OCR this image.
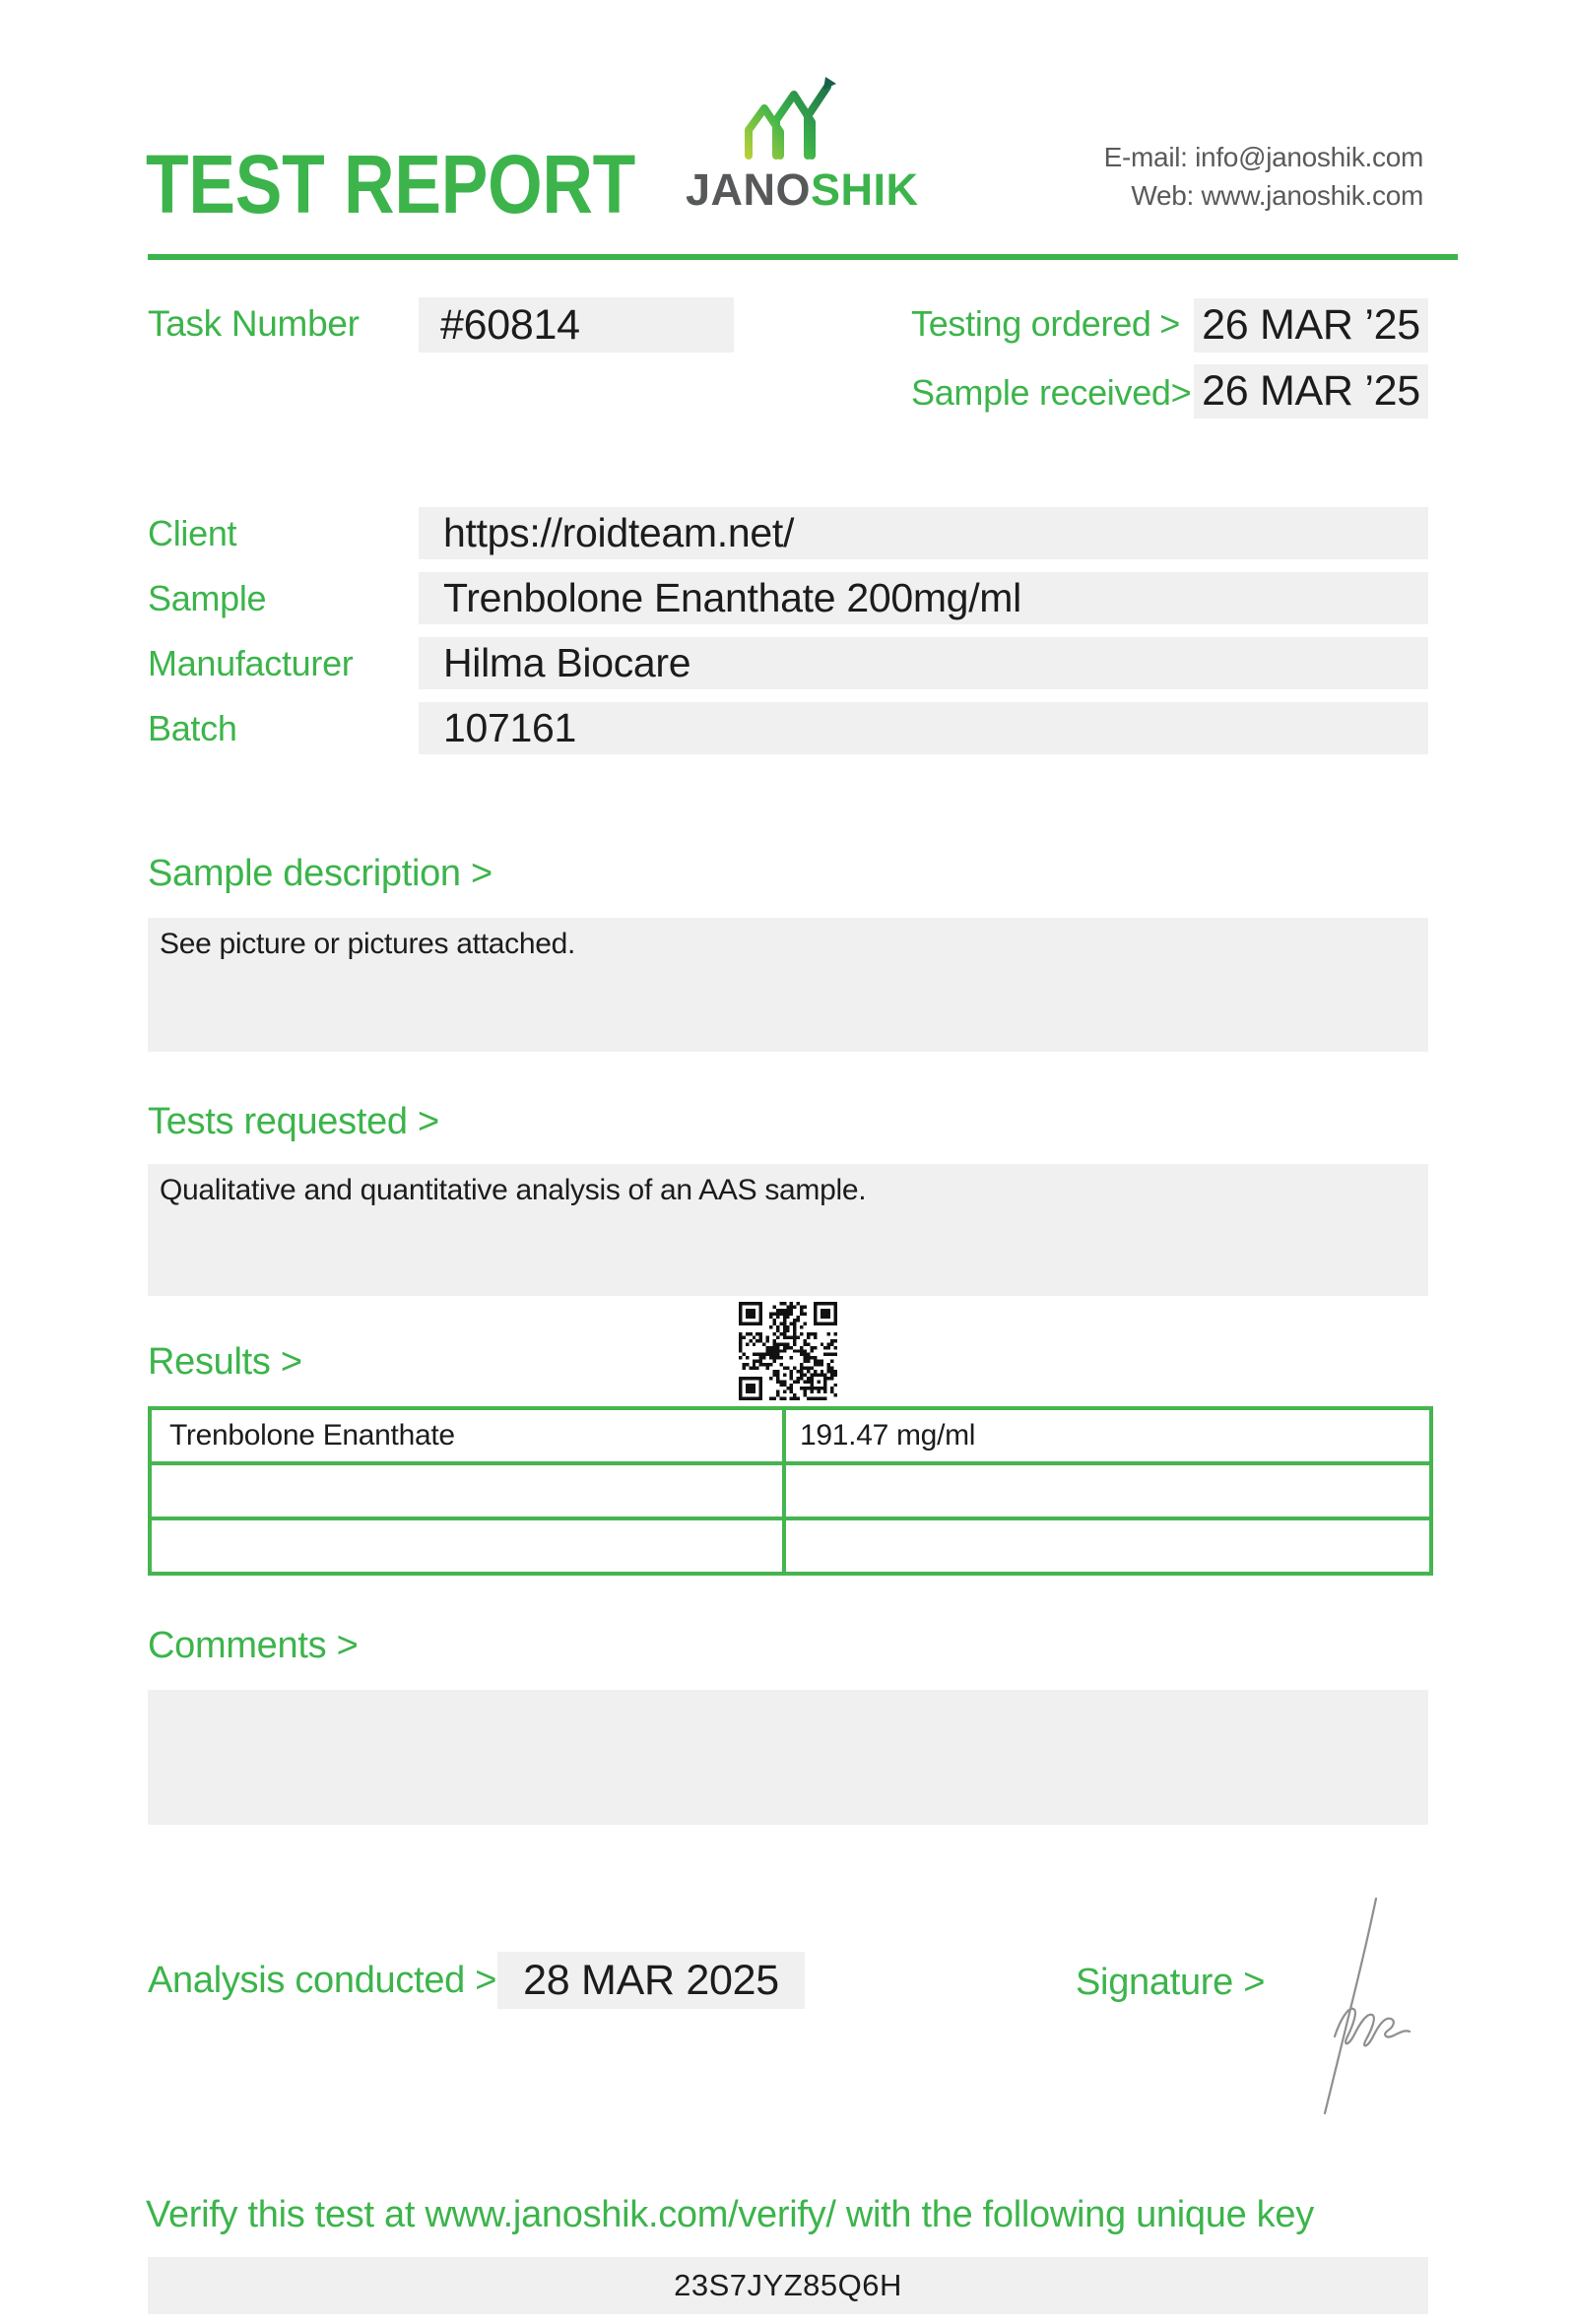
TEST REPORT JANOSHIK
E-mail: info@janoshik.com
Web: www.janoshik.com
Task Number #60814	Testing ordered > 26 MAR ’25
Sample received > 26 MAR ’25
Client	https://roidteam.net/
Sample	Trenbolone Enanthate 200mg/ml
Manufacturer Hilma Biocare
Batch	107161
Sample description >
See picture or pictures attached.
Tests requested >
Qualitative and quantitative analysis of an AAS sample.
Results >
Trenbolone Enanthate	191.47 mg/ml
Comments >
Analysis conducted > 28 MAR 2025	Signature >
Verify this test at www.janoshik.com/verify/ with the following unique key
23S7JYZ85Q6H
